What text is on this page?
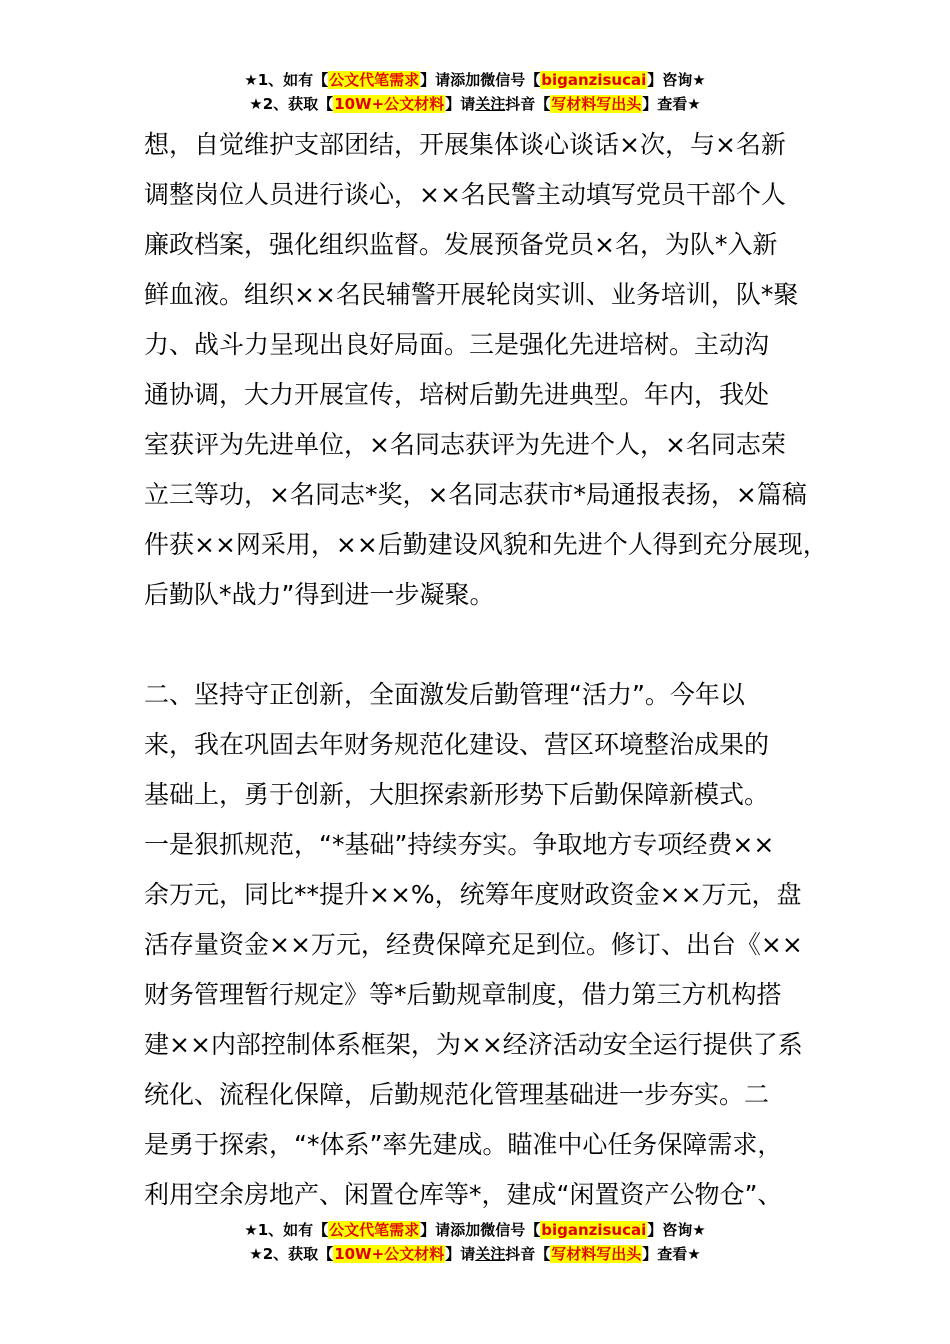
★1、如有【公文代笔需求】请添加微信号【biganzisucai】咨询★
★2、获取【10W+公文材料】请关注抖音【写材料写出头】查看★
想，自觉维护支部团结，开展集体谈心谈话×次，与×名新
调整岗位人员进行谈心，××名民警主动填写党员干部个人
廉政档案，强化组织监督。发展预备党员×名，为队*入新
鲜血液。组织××名民辅警开展轮岗实训、业务培训，队*聚
力、战斗力呈现出良好局面。三是强化先进培树。主动沟
通协调，大力开展宣传，培树后勤先进典型。年内，我处
室获评为先进单位，×名同志获评为先进个人，×名同志荣
立三等功，×名同志*奖，×名同志获市*局通报表扬，×篇稿
件获××网采用，××后勤建设风貌和先进个人得到充分展现，
后勤队*战力”得到进一步凝聚。
二、坚持守正创新，全面激发后勤管理“活力”。今年以
来，我在巩固去年财务规范化建设、营区环境整治成果的
基础上，勇于创新，大胆探索新形势下后勤保障新模式。
一是狠抓规范，“*基础”持续夯实。争取地方专项经费××
余万元，同比**提升××%，统筹年度财政资金××万元，盘
活存量资金××万元，经费保障充足到位。修订、出台《××
财务管理暂行规定》等*后勤规章制度，借力第三方机构搭
建××内部控制体系框架，为××经济活动安全运行提供了系
统化、流程化保障，后勤规范化管理基础进一步夯实。二
是勇于探索，“*体系”率先建成。瞄准中心任务保障需求，
利用空余房地产、闲置仓库等*，建成“闲置资产公物仓”、
★1、如有【公文代笔需求】请添加微信号【biganzisucai】咨询★
★2、获取【10W+公文材料】请关注抖音【写材料写出头】查看★
